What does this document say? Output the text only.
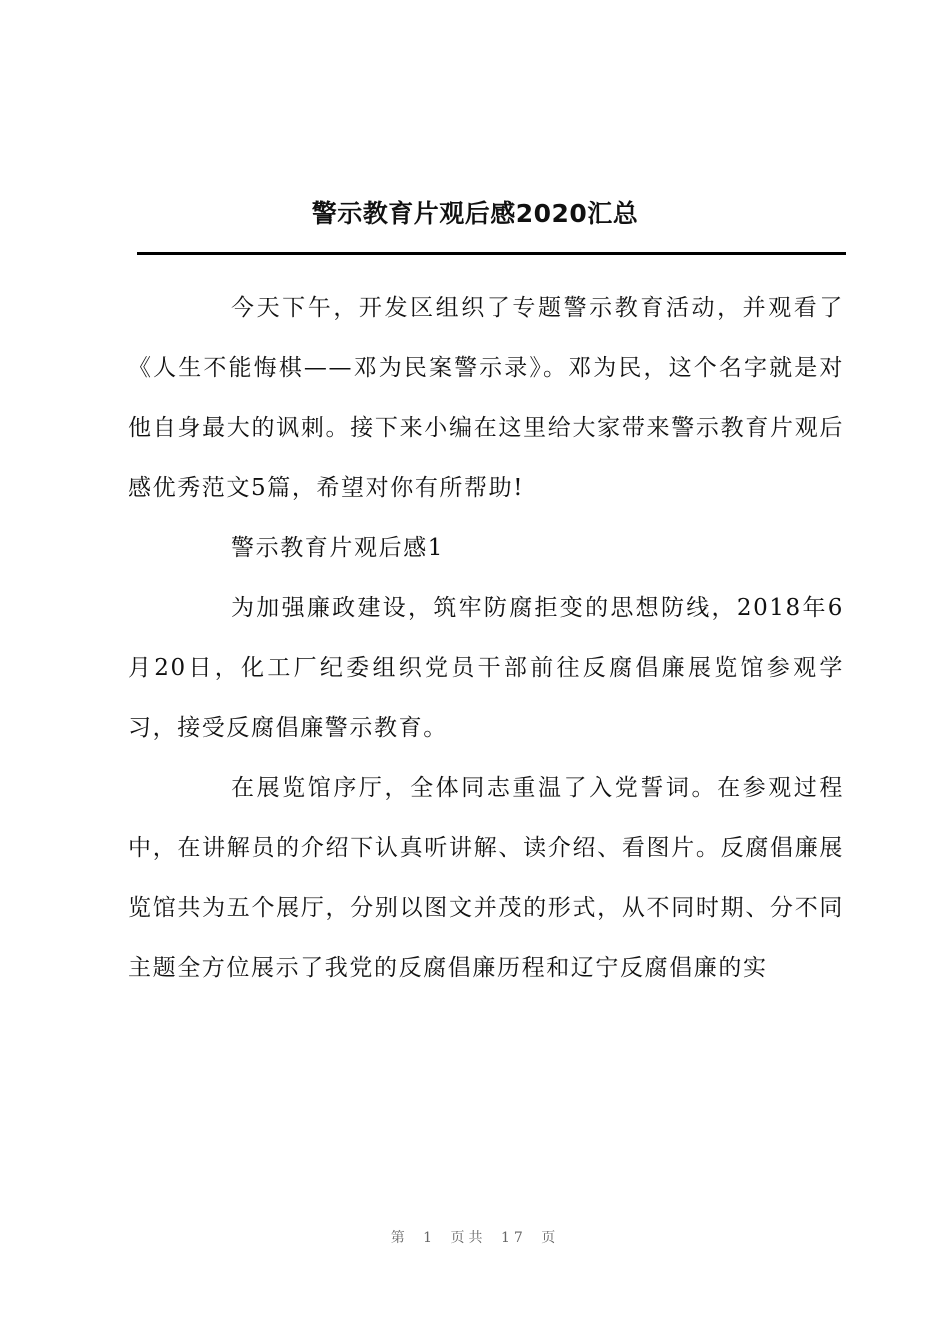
警示教育片观后感2020汇总

今天下午，开发区组织了专题警示教育活动，并观看了《人生不能悔棋——邓为民案警示录》。邓为民，这个名字就是对他自身最大的讽刺。接下来小编在这里给大家带来警示教育片观后感优秀范文5篇，希望对你有所帮助!

警示教育片观后感1

为加强廉政建设，筑牢防腐拒变的思想防线，2018年6月20日，化工厂纪委组织党员干部前往反腐倡廉展览馆参观学习，接受反腐倡廉警示教育。

在展览馆序厅，全体同志重温了入党誓词。在参观过程中，在讲解员的介绍下认真听讲解、读介绍、看图片。反腐倡廉展览馆共为五个展厅，分别以图文并茂的形式，从不同时期、分不同主题全方位展示了我党的反腐倡廉历程和辽宁反腐倡廉的实

第 1 页共 17 页
